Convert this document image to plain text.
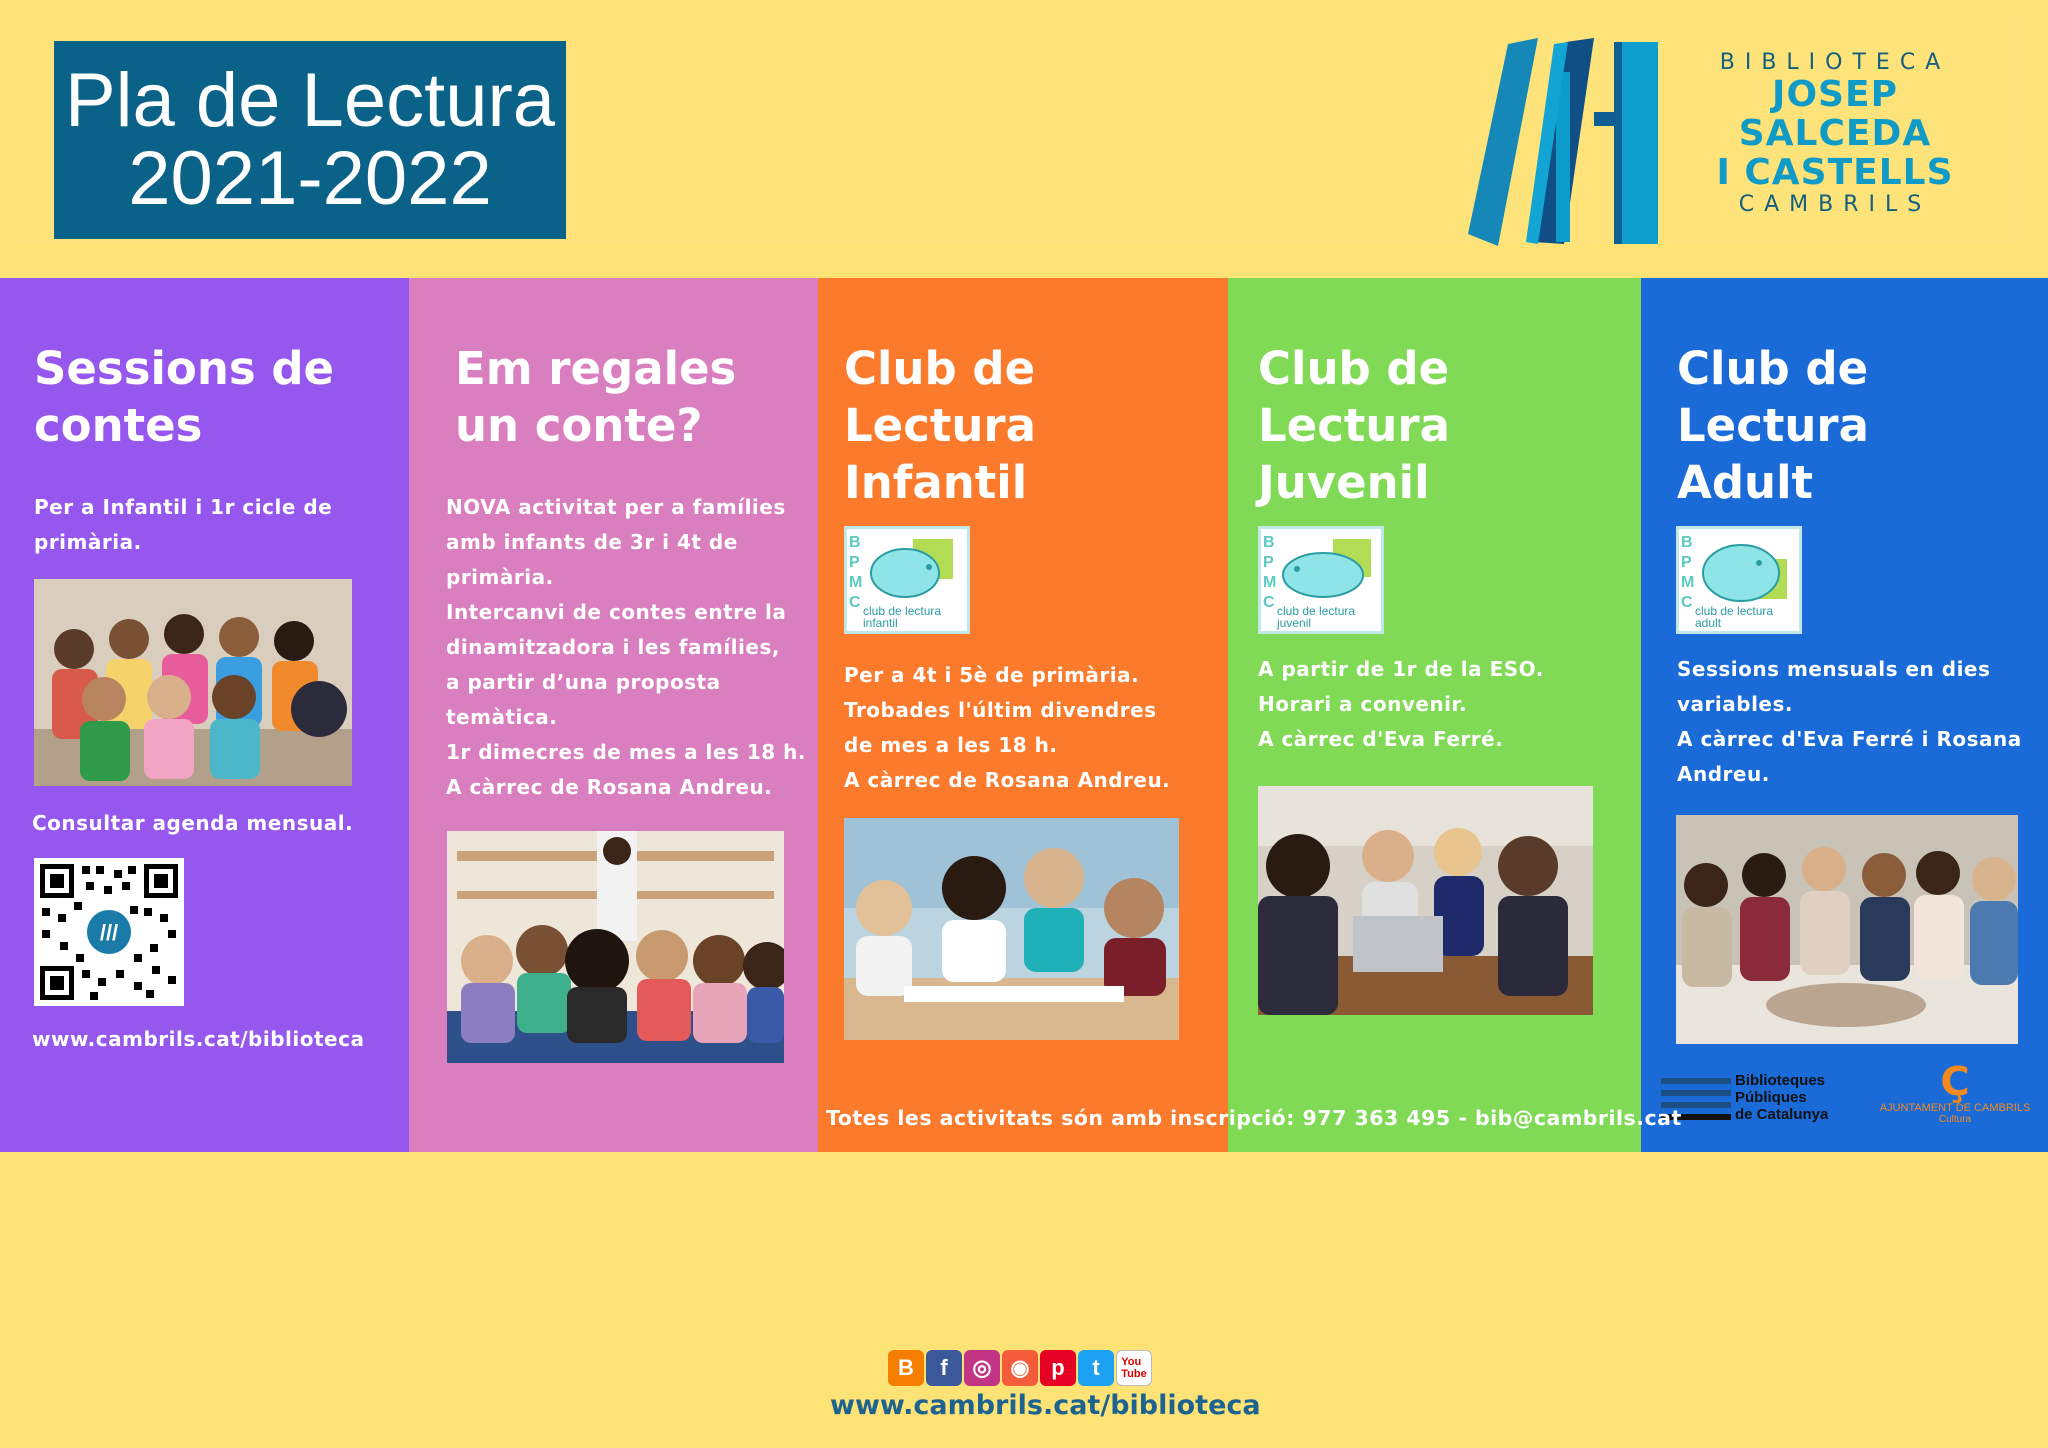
Pla de Lectura
2021-2022
BIBLIOTECA
JOSEP
SALCEDA
I CASTELLS
CAMBRILS
Sessions de
contes

Per a Infantil i 1r cicle de
primària.

Consultar agenda mensual.

///

www.cambrils.cat/biblioteca

Em regales
un conte?

NOVA activitat per a famílies
amb infants de 3r i 4t de
primària.
Intercanvi de contes entre la
dinamitzadora i les famílies,
a partir d’una proposta
temàtica.
1r dimecres de mes a les 18 h.
A càrrec de Rosana Andreu.

Club de
Lectura
Infantil
B
P
M
C club de lectura
infantil

Per a 4t i 5è de primària.
Trobades l'últim divendres
de mes a les 18 h.
A càrrec de Rosana Andreu.

Club de
Lectura
Juvenil
B
P
M
C club de lectura
juvenil

A partir de 1r de la ESO.
Horari a convenir.
A càrrec d'Eva Ferré.

Club de
Lectura
Adult
B
P
M
C club de lectura
adult

Sessions mensuals en dies
variables.
A càrrec d'Eva Ferré i Rosana
Andreu.

Biblioteques
Públiques
de Catalunya
Ç
AJUNTAMENT DE CAMBRILS
Cultura
Totes les activitats són amb inscripció: 977 363 495 - bib@cambrils.cat
B	f	◎ ◉ p	t	You
Tube
www.cambrils.cat/biblioteca
